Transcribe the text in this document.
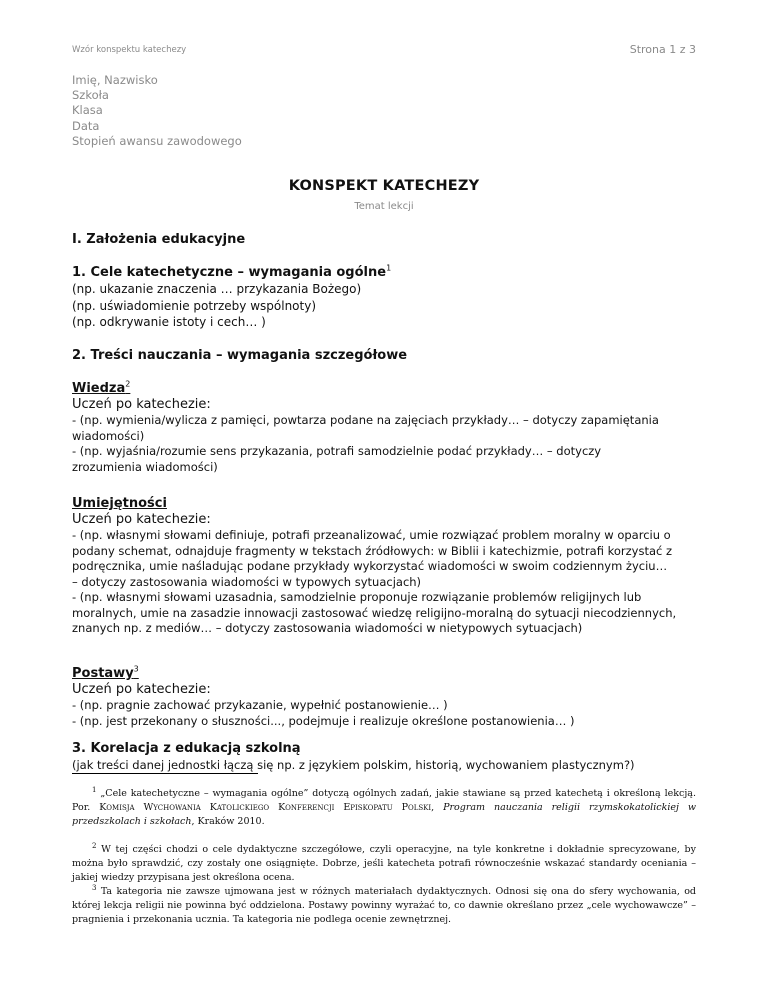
Wzór konspektu katechezy	Strona 1 z 3
Imię, Nazwisko
Szkoła
Klasa
Data
Stopień awansu zawodowego
KONSPEKT KATECHEZY
Temat lekcji
I. Założenia edukacyjne
1. Cele katechetyczne – wymagania ogólne$^1$
(np. ukazanie znaczenia … przykazania Bożego)
(np. uświadomienie potrzeby wspólnoty)
(np. odkrywanie istoty i cech… )
2. Treści nauczania – wymagania szczegółowe
Wiedza$^2$
Uczeń po katechezie:
- (np. wymienia/wylicza z pamięci, powtarza podane na zajęciach przykłady… – dotyczy zapamiętania
wiadomości)
- (np. wyjaśnia/rozumie sens przykazania, potrafi samodzielnie podać przykłady… – dotyczy
zrozumienia wiadomości)
Umiejętności
Uczeń po katechezie:
- (np. własnymi słowami definiuje, potrafi przeanalizować, umie rozwiązać problem moralny w oparciu o
podany schemat, odnajduje fragmenty w tekstach źródłowych: w Biblii i katechizmie, potrafi korzystać z
podręcznika, umie naśladując podane przykłady wykorzystać wiadomości w swoim codziennym życiu…
– dotyczy zastosowania wiadomości w typowych sytuacjach)
- (np. własnymi słowami uzasadnia, samodzielnie proponuje rozwiązanie problemów religijnych lub
moralnych, umie na zasadzie innowacji zastosować wiedzę religijno-moralną do sytuacji niecodziennych,
znanych np. z mediów… – dotyczy zastosowania wiadomości w nietypowych sytuacjach)
Postawy$^3$
Uczeń po katechezie:
- (np. pragnie zachować przykazanie, wypełnić postanowienie… )
- (np. jest przekonany o słuszności..., podejmuje i realizuje określone postanowienia… )
3. Korelacja z edukacją szkolną
(jak treści danej jednostki łączą się np. z językiem polskim, historią, wychowaniem plastycznym?)
$^1$ „Cele katechetyczne – wymagania ogólne” dotyczą ogólnych zadań, jakie stawiane są przed katechetą i określoną lekcją. Por. Komisja Wychowania Katolickiego Konferencji Episkopatu Polski, Program nauczania religii rzymskokatolickiej w przedszkolach i szkołach, Kraków 2010.
$^2$ W tej części chodzi o cele dydaktyczne szczegółowe, czyli operacyjne, na tyle konkretne i dokładnie sprecyzowane, by można było sprawdzić, czy zostały one osiągnięte. Dobrze, jeśli katecheta potrafi równocześnie wskazać standardy oceniania – jakiej wiedzy przypisana jest określona ocena.
$^3$ Ta kategoria nie zawsze ujmowana jest w różnych materiałach dydaktycznych. Odnosi się ona do sfery wychowania, od której lekcja religii nie powinna być oddzielona. Postawy powinny wyrażać to, co dawnie określano przez „cele wychowawcze” – pragnienia i przekonania ucznia. Ta kategoria nie podlega ocenie zewnętrznej.
